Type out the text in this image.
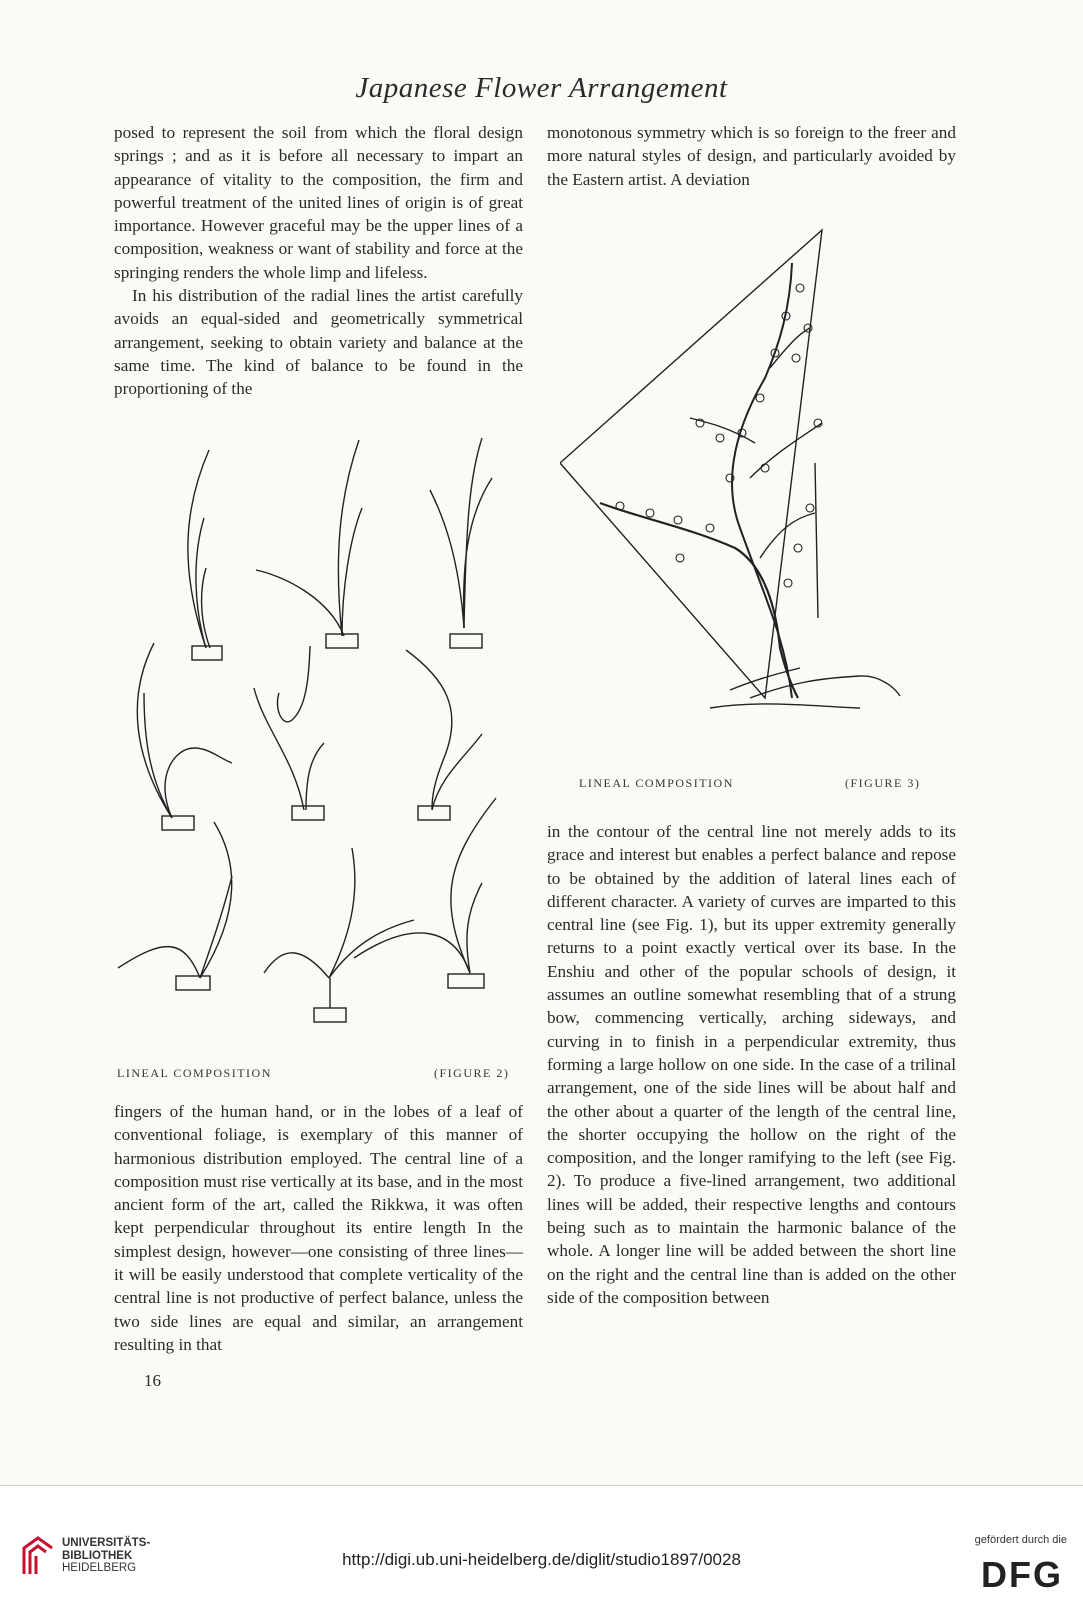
Japanese Flower Arrangement

posed to represent the soil from which the floral design springs ; and as it is before all necessary to impart an appearance of vitality to the composition, the firm and powerful treatment of the united lines of origin is of great importance. However graceful may be the upper lines of a composition, weakness or want of stability and force at the springing renders the whole limp and lifeless.

In his distribution of the radial lines the artist carefully avoids an equal-sided and geometrically symmetrical arrangement, seeking to obtain variety and balance at the same time. The kind of balance to be found in the proportioning of the

monotonous symmetry which is so foreign to the freer and more natural styles of design, and particularly avoided by the Eastern artist. A deviation

LINEAL COMPOSITION	(FIGURE 2)
LINEAL COMPOSITION	(FIGURE 3)

fingers of the human hand, or in the lobes of a leaf of conventional foliage, is exemplary of this manner of harmonious distribution employed. The central line of a composition must rise vertically at its base, and in the most ancient form of the art, called the Rikkwa, it was often kept perpendicular throughout its entire length In the simplest design, however—one consisting of three lines—it will be easily understood that complete verticality of the central line is not productive of perfect balance, unless the two side lines are equal and similar, an arrangement resulting in that

in the contour of the central line not merely adds to its grace and interest but enables a perfect balance and repose to be obtained by the addition of lateral lines each of different character. A variety of curves are imparted to this central line (see Fig. 1), but its upper extremity generally returns to a point exactly vertical over its base. In the Enshiu and other of the popular schools of design, it assumes an outline somewhat resembling that of a strung bow, commencing vertically, arching sideways, and curving in to finish in a perpendicular extremity, thus forming a large hollow on one side. In the case of a trilinal arrangement, one of the side lines will be about half and the other about a quarter of the length of the central line, the shorter occupying the hollow on the right of the composition, and the longer ramifying to the left (see Fig. 2). To produce a five-lined arrangement, two additional lines will be added, their respective lengths and contours being such as to maintain the harmonic balance of the whole. A longer line will be added between the short line on the right and the central line than is added on the other side of the composition between

16
UNIVERSITÄTS-
BIBLIOTHEK
HEIDELBERG	http://digi.ub.uni-heidelberg.de/diglit/studio1897/0028
gefördert durch die
DFG
